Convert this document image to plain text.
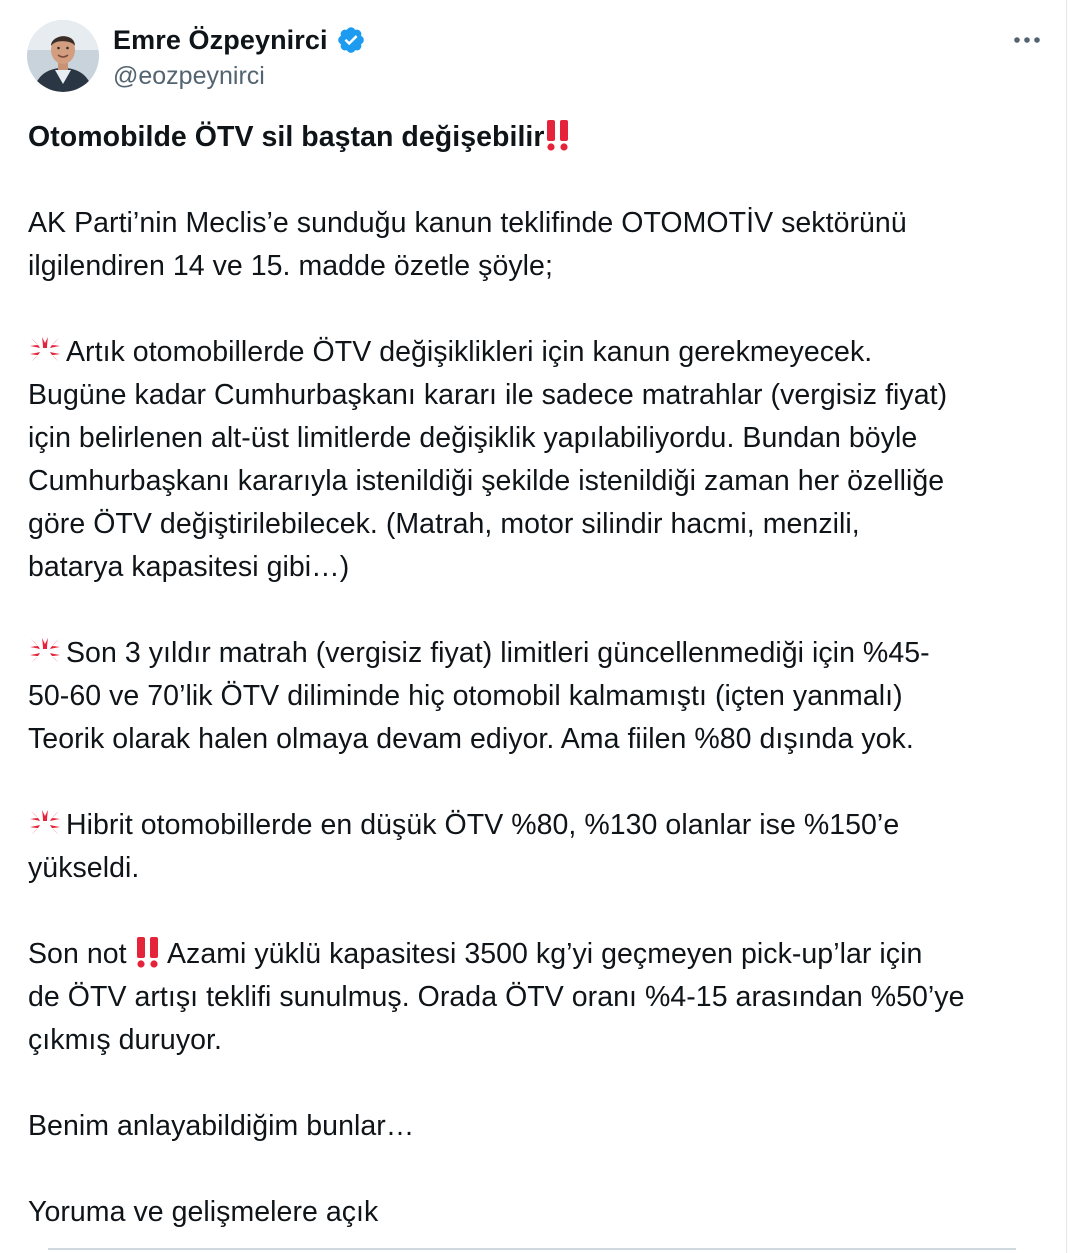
Emre Özpeynirci
@eozpeynirci
Otomobilde ÖTV sil baştan değişebilir
AK Parti’nin Meclis’e sunduğu kanun teklifinde OTOMOTİV sektörünü
ilgilendiren 14 ve 15. madde özetle şöyle;
Artık otomobillerde ÖTV değişiklikleri için kanun gerekmeyecek.
Bugüne kadar Cumhurbaşkanı kararı ile sadece matrahlar (vergisiz fiyat)
için belirlenen alt-üst limitlerde değişiklik yapılabiliyordu. Bundan böyle
Cumhurbaşkanı kararıyla istenildiği şekilde istenildiği zaman her özelliğe
göre ÖTV değiştirilebilecek. (Matrah, motor silindir hacmi, menzili,
batarya kapasitesi gibi…)
Son 3 yıldır matrah (vergisiz fiyat) limitleri güncellenmediği için %45-
50-60 ve 70’lik ÖTV diliminde hiç otomobil kalmamıştı (içten yanmalı)
Teorik olarak halen olmaya devam ediyor. Ama fiilen %80 dışında yok.
Hibrit otomobillerde en düşük ÖTV %80, %130 olanlar ise %150’e
yükseldi.
Son not  Azami yüklü kapasitesi 3500 kg’yi geçmeyen pick-up’lar için
de ÖTV artışı teklifi sunulmuş. Orada ÖTV oranı %4-15 arasından %50’ye
çıkmış duruyor.
Benim anlayabildiğim bunlar…
Yoruma ve gelişmelere açık
